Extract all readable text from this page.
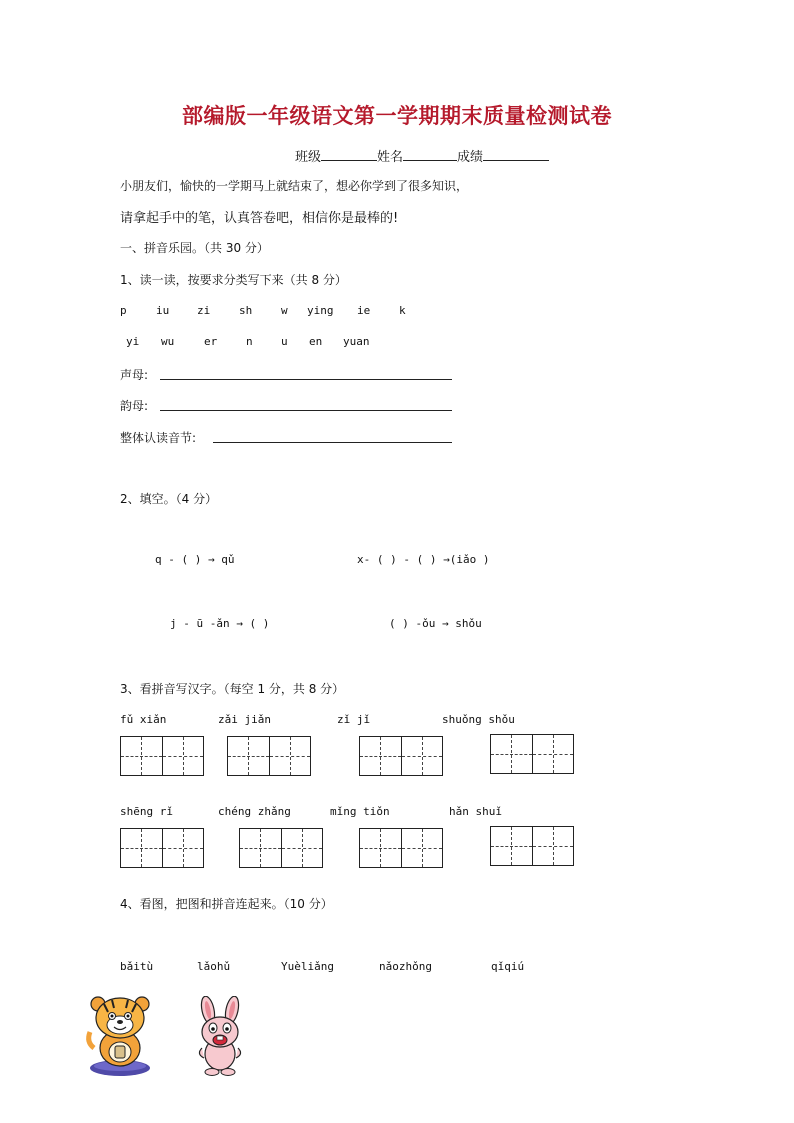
部编版一年级语文第一学期期末质量检测试卷
班级	姓名	成绩
小朋友们，愉快的一学期马上就结束了，想必你学到了很多知识，
请拿起手中的笔，认真答卷吧，相信你是最棒的!
一、拼音乐园。（共 30 分）
1、读一读，按要求分类写下来（共 8 分）
p	iu	zi	sh	w ying ie	k
yi wu	er	n	u en yuan
声母:
韵母:
整体认读音节:
2、填空。（4 分）
q - ( ) → qǔ	x- ( ) - ( ) →(iǎo )
j - ū -ǎn → ( )	( ) -ǒu → shǒu
3、看拼音写汉字。（每空 1 分，共 8 分）
fǔ xiǎn	zǎi jiǎn	zǐ jǐ	shuǒng shǒu
shēng rǐ	chéng zhǎng	mǐng tiǒn	hǎn shuǐ
4、看图，把图和拼音连起来。（10 分）
bǎitù	lǎohǔ	Yuèliǎng	nǎozhǒng	qǐqiú
